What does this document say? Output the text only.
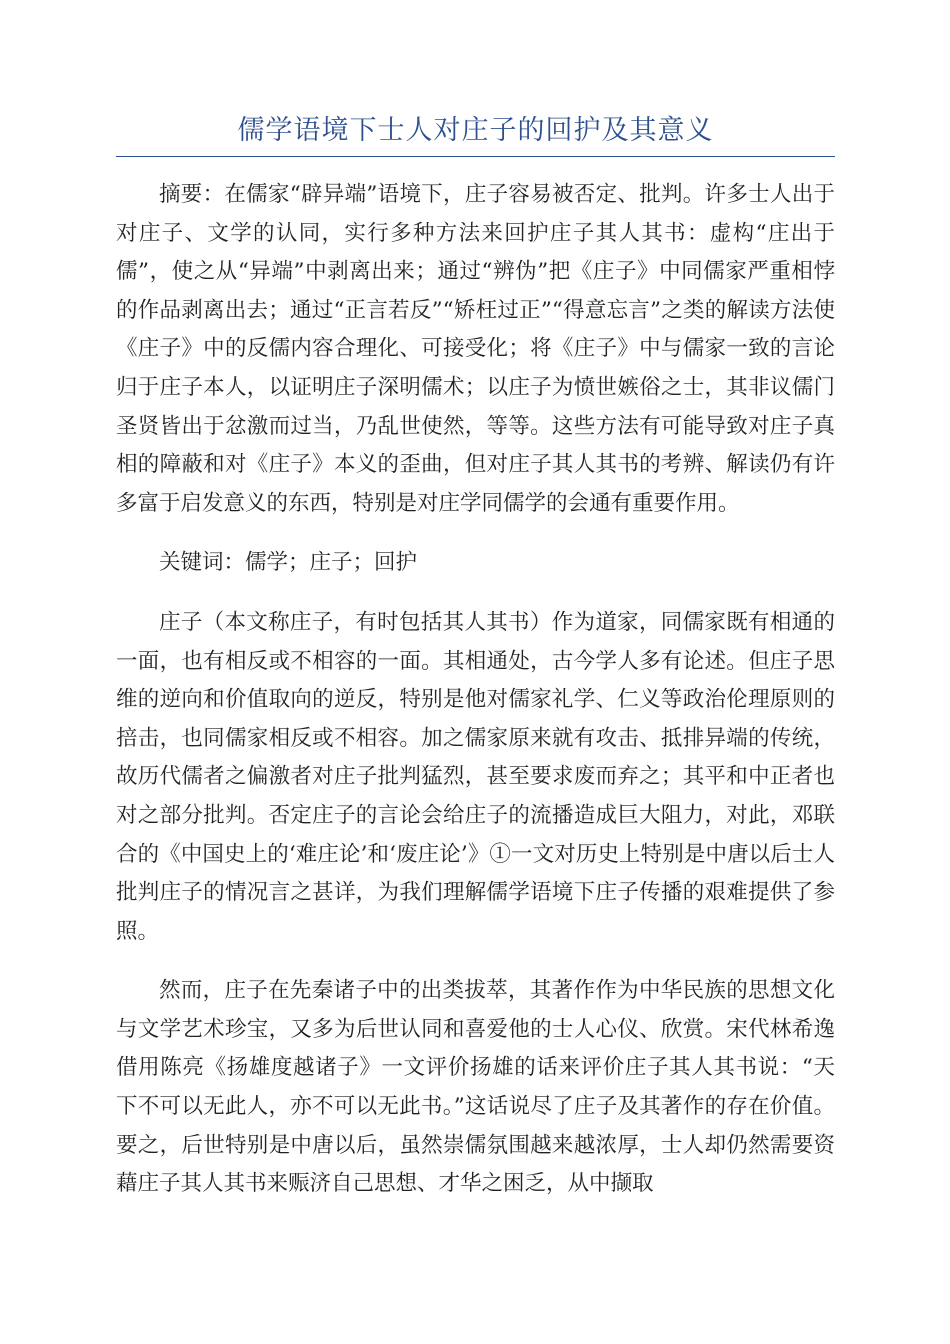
儒学语境下士人对庄子的回护及其意义

摘要：在儒家“辟异端”语境下，庄子容易被否定、批判。许多士人出于对庄子、文学的认同，实行多种方法来回护庄子其人其书：虚构“庄出于儒”，使之从“异端”中剥离出来；通过“辨伪”把《庄子》中同儒家严重相悖的作品剥离出去；通过“正言若反”“矫枉过正”“得意忘言”之类的解读方法使《庄子》中的反儒内容合理化、可接受化；将《庄子》中与儒家一致的言论归于庄子本人，以证明庄子深明儒术；以庄子为愤世嫉俗之士，其非议儒门圣贤皆出于忿激而过当，乃乱世使然，等等。这些方法有可能导致对庄子真相的障蔽和对《庄子》本义的歪曲，但对庄子其人其书的考辨、解读仍有许多富于启发意义的东西，特别是对庄学同儒学的会通有重要作用。

关键词：儒学；庄子；回护

庄子（本文称庄子，有时包括其人其书）作为道家，同儒家既有相通的一面，也有相反或不相容的一面。其相通处，古今学人多有论述。但庄子思维的逆向和价值取向的逆反，特别是他对儒家礼学、仁义等政治伦理原则的掊击，也同儒家相反或不相容。加之儒家原来就有攻击、抵排异端的传统，故历代儒者之偏激者对庄子批判猛烈，甚至要求废而弃之；其平和中正者也对之部分批判。否定庄子的言论会给庄子的流播造成巨大阻力，对此，邓联合的《中国史上的‘难庄论’和‘废庄论’》①一文对历史上特别是中唐以后士人批判庄子的情况言之甚详，为我们理解儒学语境下庄子传播的艰难提供了参照。

然而，庄子在先秦诸子中的出类拔萃，其著作作为中华民族的思想文化与文学艺术珍宝，又多为后世认同和喜爱他的士人心仪、欣赏。宋代林希逸借用陈亮《扬雄度越诸子》一文评价扬雄的话来评价庄子其人其书说：“天下不可以无此人，亦不可以无此书。”这话说尽了庄子及其著作的存在价值。要之，后世特别是中唐以后，虽然崇儒氛围越来越浓厚，士人却仍然需要资藉庄子其人其书来赈济自己思想、才华之困乏，从中撷取
